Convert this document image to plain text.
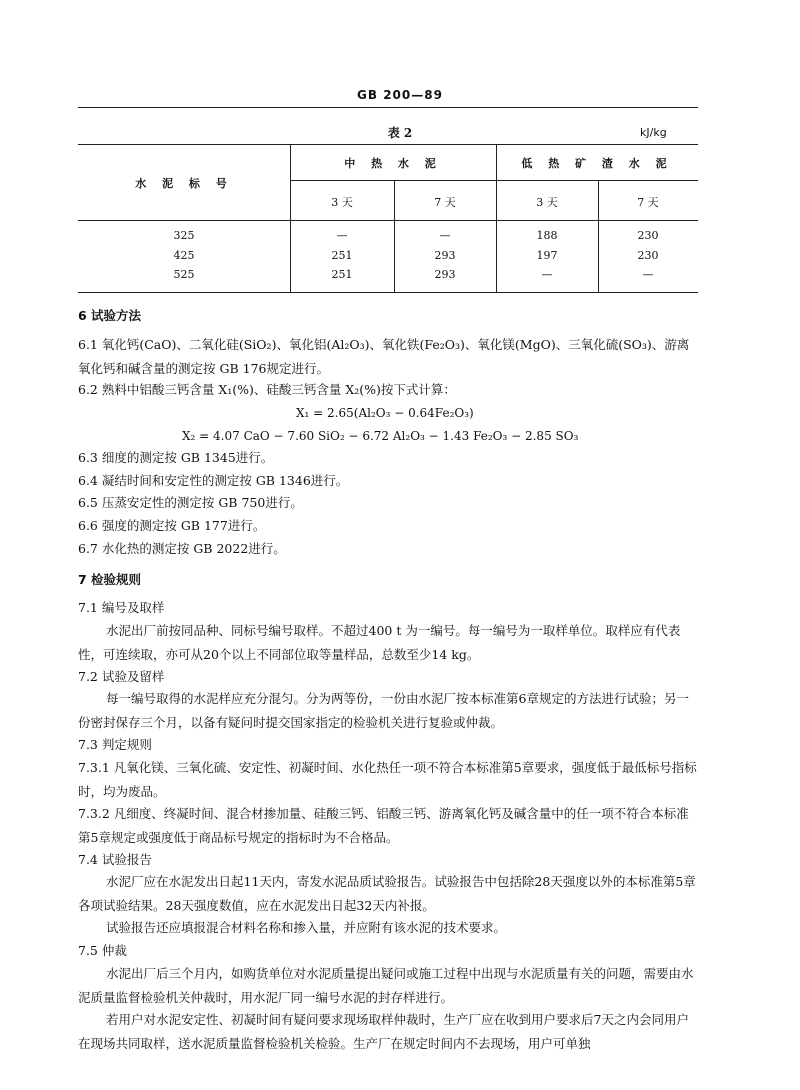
GB 200—89
表 2	kJ/kg
水 泥 标 号
中 热 水 泥	低 热 矿 渣 水 泥
3 天	7 天	3 天	7 天
325	—	—	188	230
425	251	293	197	230
525	251	293	—	—
6 试验方法
6.1 氧化钙(CaO)、二氧化硅(SiO₂)、氧化铝(Al₂O₃)、氧化铁(Fe₂O₃)、氧化镁(MgO)、三氧化硫(SO₃)、游离氧化钙和碱含量的测定按 GB 176规定进行。
6.2 熟料中铝酸三钙含量 X₁(%)、硅酸三钙含量 X₂(%)按下式计算：
X₁ = 2.65(Al₂O₃ − 0.64Fe₂O₃)
X₂ = 4.07 CaO − 7.60 SiO₂ − 6.72 Al₂O₃ − 1.43 Fe₂O₃ − 2.85 SO₃
6.3 细度的测定按 GB 1345进行。
6.4 凝结时间和安定性的测定按 GB 1346进行。
6.5 压蒸安定性的测定按 GB 750进行。
6.6 强度的测定按 GB 177进行。
6.7 水化热的测定按 GB 2022进行。
7 检验规则
7.1 编号及取样
水泥出厂前按同品种、同标号编号取样。不超过400 t 为一编号。每一编号为一取样单位。取样应有代表性，可连续取，亦可从20个以上不同部位取等量样品，总数至少14 kg。
7.2 试验及留样
每一编号取得的水泥样应充分混匀。分为两等份，一份由水泥厂按本标准第6章规定的方法进行试验；另一份密封保存三个月，以备有疑问时提交国家指定的检验机关进行复验或仲裁。
7.3 判定规则
7.3.1 凡氧化镁、三氧化硫、安定性、初凝时间、水化热任一项不符合本标准第5章要求，强度低于最低标号指标时，均为废品。
7.3.2 凡细度、终凝时间、混合材掺加量、硅酸三钙、铝酸三钙、游离氧化钙及碱含量中的任一项不符合本标准第5章规定或强度低于商品标号规定的指标时为不合格品。
7.4 试验报告
水泥厂应在水泥发出日起11天内，寄发水泥品质试验报告。试验报告中包括除28天强度以外的本标准第5章各项试验结果。28天强度数值，应在水泥发出日起32天内补报。
试验报告还应填报混合材料名称和掺入量，并应附有该水泥的技术要求。
7.5 仲裁
水泥出厂后三个月内，如购货单位对水泥质量提出疑问或施工过程中出现与水泥质量有关的问题，需要由水泥质量监督检验机关仲裁时，用水泥厂同一编号水泥的封存样进行。
若用户对水泥安定性、初凝时间有疑问要求现场取样仲裁时，生产厂应在收到用户要求后7天之内会同用户在现场共同取样，送水泥质量监督检验机关检验。生产厂在规定时间内不去现场，用户可单独
